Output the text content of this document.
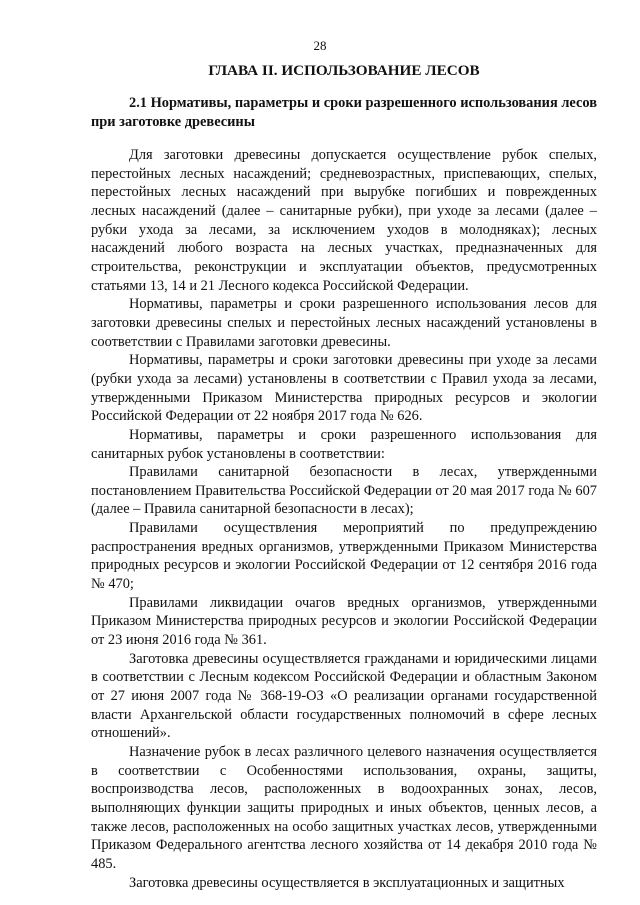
28
ГЛАВА II. ИСПОЛЬЗОВАНИЕ ЛЕСОВ
2.1 Нормативы, параметры и сроки разрешенного использования лесов при заготовке древесины

Для заготовки древесины допускается осуществление рубок спелых, перестойных лесных насаждений; средневозрастных, приспевающих, спелых, перестойных лесных насаждений при вырубке погибших и поврежденных лесных насаждений (далее – санитарные рубки), при уходе за лесами (далее – рубки ухода за лесами, за исключением уходов в молодняках); лесных насаждений любого возраста на лесных участках, предназначенных для строительства, реконструкции и эксплуатации объектов, предусмотренных статьями 13, 14 и 21 Лесного кодекса Российской Федерации.

Нормативы, параметры и сроки разрешенного использования лесов для заготовки древесины спелых и перестойных лесных насаждений установлены в соответствии с Правилами заготовки древесины.

Нормативы, параметры и сроки заготовки древесины при уходе за лесами (рубки ухода за лесами) установлены в соответствии с Правил ухода за лесами, утвержденными Приказом Министерства природных ресурсов и экологии Российской Федерации от 22 ноября 2017 года № 626.

Нормативы, параметры и сроки разрешенного использования для санитарных рубок установлены в соответствии:

Правилами санитарной безопасности в лесах, утвержденными постановлением Правительства Российской Федерации от 20 мая 2017 года № 607 (далее – Правила санитарной безопасности в лесах);

Правилами осуществления мероприятий по предупреждению распространения вредных организмов, утвержденными Приказом Министерства природных ресурсов и экологии Российской Федерации от 12 сентября 2016 года № 470;

Правилами ликвидации очагов вредных организмов, утвержденными Приказом Министерства природных ресурсов и экологии Российской Федерации от 23 июня 2016 года № 361.

Заготовка древесины осуществляется гражданами и юридическими лицами в соответствии с Лесным кодексом Российской Федерации и областным Законом от 27 июня 2007 года № 368-19-ОЗ «О реализации органами государственной власти Архангельской области государственных полномочий в сфере лесных отношений».

Назначение рубок в лесах различного целевого назначения осуществляется в соответствии с Особенностями использования, охраны, защиты, воспроизводства лесов, расположенных в водоохранных зонах, лесов, выполняющих функции защиты природных и иных объектов, ценных лесов, а также лесов, расположенных на особо защитных участках лесов, утвержденными Приказом Федерального агентства лесного хозяйства от 14 декабря 2010 года № 485.

Заготовка древесины осуществляется в эксплуатационных и защитных
